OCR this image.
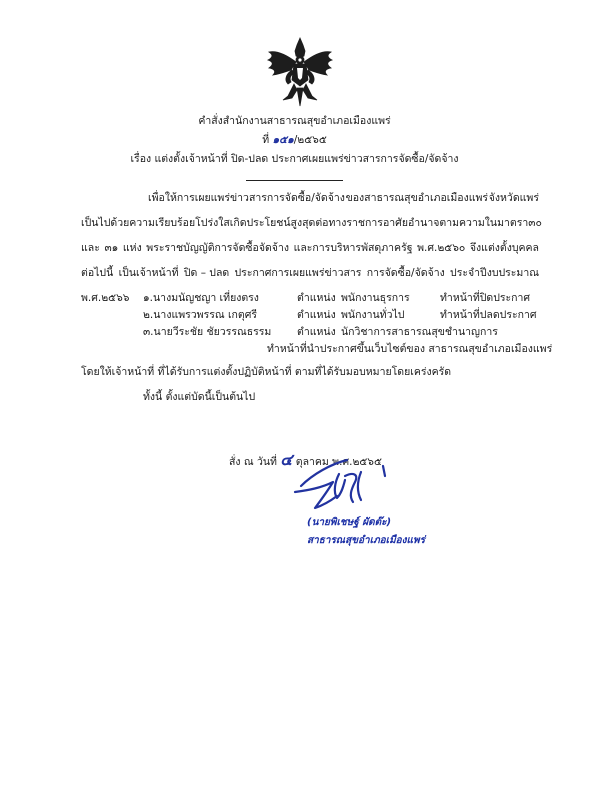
คำสั่งสำนักงานสาธารณสุขอำเภอเมืองแพร่
ที่ ๑๕๑/๒๕๖๕
เรื่อง แต่งตั้งเจ้าหน้าที่ ปิด-ปลด ประกาศเผยแพร่ข่าวสารการจัดซื้อ/จัดจ้าง
เพื่อให้การเผยแพร่ข่าวสารการจัดซื้อ/จัดจ้าง ของสาธารณสุขอำเภอเมืองแพร่ จังหวัดแพร่
เป็นไปด้วยความเรียบร้อย โปร่งใส เกิดประโยชน์สูงสุดต่อทางราชการ อาศัยอำนาจตามความในมาตรา ๓๐
และ ๓๑ แห่ง พระราชบัญญัติการจัดซื้อจัดจ้าง และการบริหารพัสดุภาครัฐ พ.ศ.๒๕๖๐ จึงแต่งตั้งบุคคล
ต่อไปนี้ เป็นเจ้าหน้าที่ ปิด – ปลด ประกาศการเผยแพร่ข่าวสาร การจัดซื้อ/จัดจ้าง ประจำปีงบประมาณ
พ.ศ.๒๕๖๖ ๑.นางมนัญชญา เที่ยงตรง	ตำแหน่ง พนักงานธุรการ	ทำหน้าที่ปิดประกาศ
๒.นางแพรวพรรณ เกตุศรี	ตำแหน่ง พนักงานทั่วไป	ทำหน้าที่ปลดประกาศ
๓.นายวีระชัย ชัยวรรณธรรม ตำแหน่ง นักวิชาการสาธารณสุขชำนาญการ
ทำหน้าที่นำประกาศขึ้นเว็บไซต์ของ สาธารณสุขอำเภอเมืองแพร่
โดยให้เจ้าหน้าที่ ที่ได้รับการแต่งตั้งปฏิบัติหน้าที่ ตามที่ได้รับมอบหมายโดยเคร่งครัด
ทั้งนี้ ตั้งแต่บัดนี้เป็นต้นไป
สั่ง ณ วันที่ ๔ ตุลาคม พ.ศ.๒๕๖๕
(นายพิเชษฐ์ ผัดต๊ะ)
สาธารณสุขอำเภอเมืองแพร่
